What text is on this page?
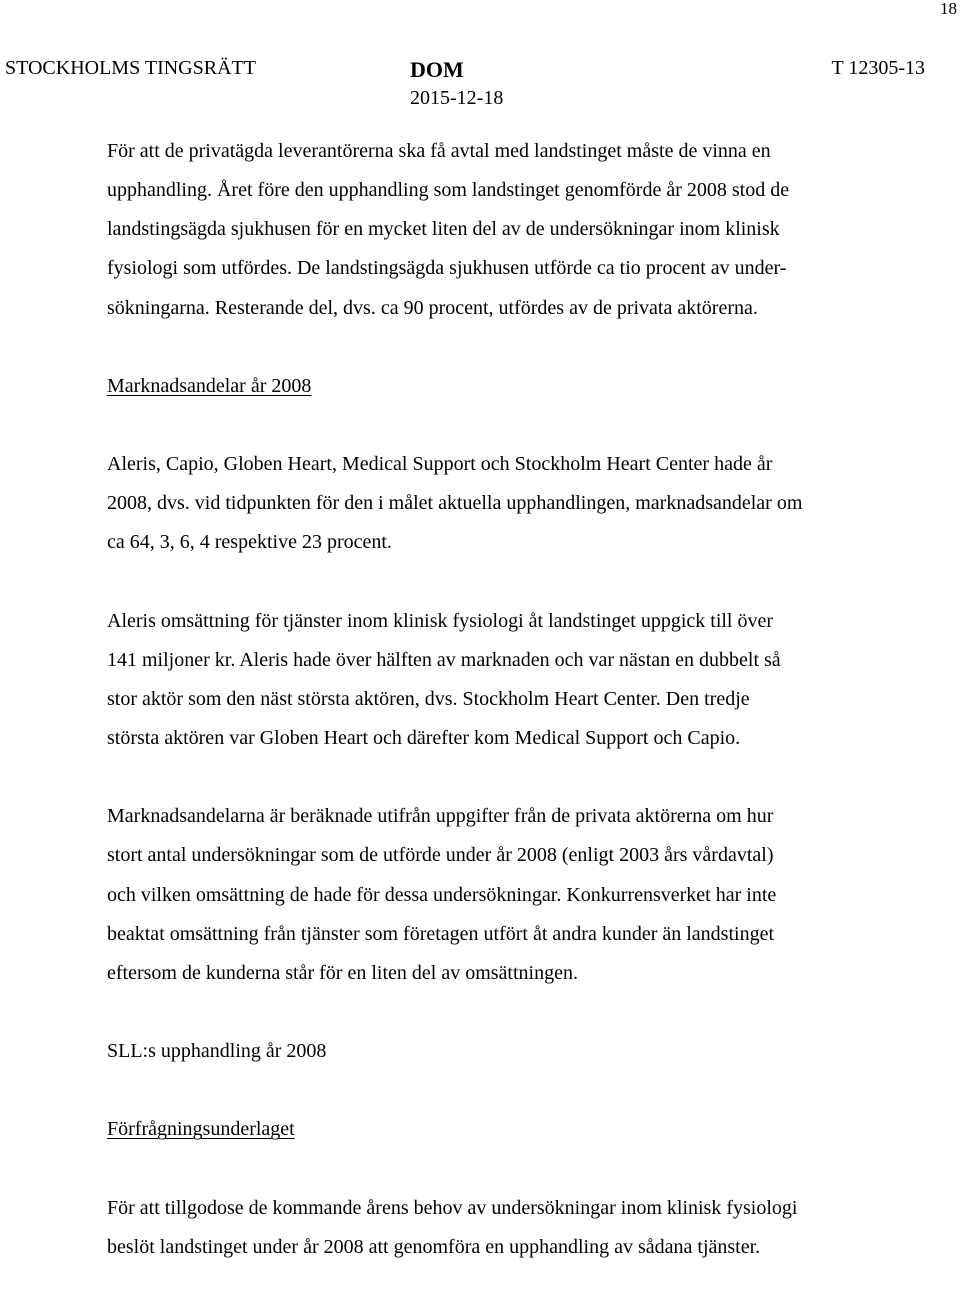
18
STOCKHOLMS TINGSRÄTT	DOM
2015-12-18
T 12305-13

För att de privatägda leverantörerna ska få avtal med landstinget måste de vinna en
upphandling. Året före den upphandling som landstinget genomförde år 2008 stod de
landstingsägda sjukhusen för en mycket liten del av de undersökningar inom klinisk
fysiologi som utfördes. De landstingsägda sjukhusen utförde ca tio procent av under-
sökningarna. Resterande del, dvs. ca 90 procent, utfördes av de privata aktörerna.

Marknadsandelar år 2008

Aleris, Capio, Globen Heart, Medical Support och Stockholm Heart Center hade år
2008, dvs. vid tidpunkten för den i målet aktuella upphandlingen, marknadsandelar om
ca 64, 3, 6, 4 respektive 23 procent.

Aleris omsättning för tjänster inom klinisk fysiologi åt landstinget uppgick till över
141 miljoner kr. Aleris hade över hälften av marknaden och var nästan en dubbelt så
stor aktör som den näst största aktören, dvs. Stockholm Heart Center. Den tredje
största aktören var Globen Heart och därefter kom Medical Support och Capio.

Marknadsandelarna är beräknade utifrån uppgifter från de privata aktörerna om hur
stort antal undersökningar som de utförde under år 2008 (enligt 2003 års vårdavtal)
och vilken omsättning de hade för dessa undersökningar. Konkurrensverket har inte
beaktat omsättning från tjänster som företagen utfört åt andra kunder än landstinget
eftersom de kunderna står för en liten del av omsättningen.

SLL:s upphandling år 2008

Förfrågningsunderlaget

För att tillgodose de kommande årens behov av undersökningar inom klinisk fysiologi
beslöt landstinget under år 2008 att genomföra en upphandling av sådana tjänster.
